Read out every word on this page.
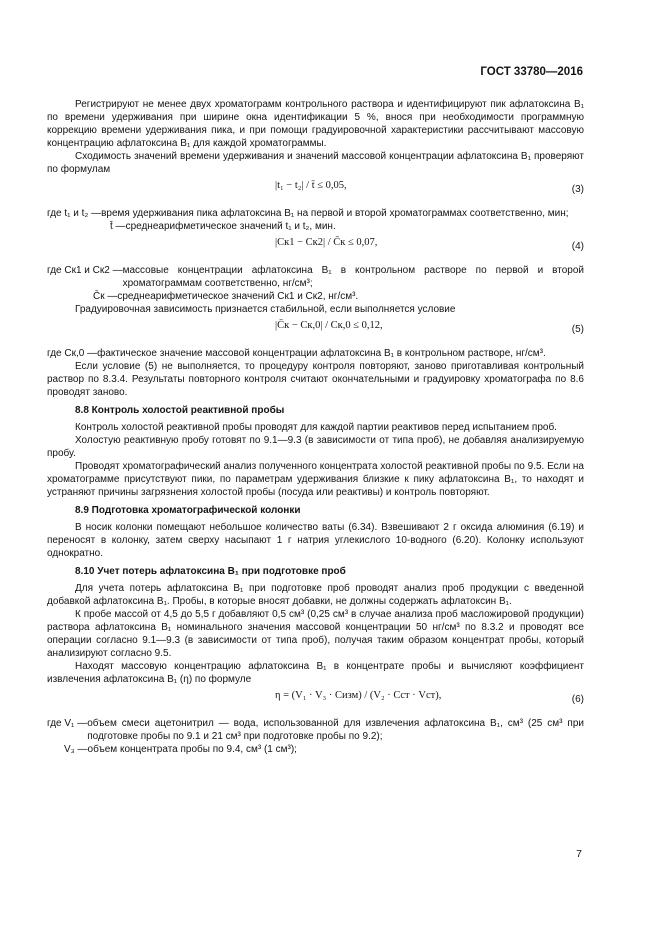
ГОСТ 33780—2016

Регистрируют не менее двух хроматограмм контрольного раствора и идентифицируют пик афлатоксина B₁ по времени удерживания при ширине окна идентификации 5 %, внося при необходимости программную коррекцию времени удерживания пика, и при помощи градуировочной характеристики рассчитывают массовую концентрацию афлатоксина B₁ для каждой хроматограммы.

Сходимость значений времени удерживания и значений массовой концентрации афлатоксина B₁ проверяют по формулам

|t₁ − t₂| / t̄ ≤ 0,05,	(3)
где t₁ и t₂ — время удерживания пика афлатоксина B₁ на первой и второй хроматограммах соответственно, мин;
t̄ — среднеарифметическое значений t₁ и t₂, мин.
|Cк1 − Cк2| / C̄к ≤ 0,07,	(4)
где Cк1 и Cк2 — массовые концентрации афлатоксина B₁ в контрольном растворе по первой и второй хроматограммам соответственно, нг/см³;
C̄к — среднеарифметическое значений Cк1 и Cк2, нг/см³.

Градуировочная зависимость признается стабильной, если выполняется условие

|C̄к − Cк,0| / Cк,0 ≤ 0,12,	(5)
где Cк,0 — фактическое значение массовой концентрации афлатоксина B₁ в контрольном растворе, нг/см³.

Если условие (5) не выполняется, то процедуру контроля повторяют, заново приготавливая контрольный раствор по 8.3.4. Результаты повторного контроля считают окончательными и градуировку хроматографа по 8.6 проводят заново.

8.8 Контроль холостой реактивной пробы

Контроль холостой реактивной пробы проводят для каждой партии реактивов перед испытанием проб.

Холостую реактивную пробу готовят по 9.1—9.3 (в зависимости от типа проб), не добавляя анализируемую пробу.

Проводят хроматографический анализ полученного концентрата холостой реактивной пробы по 9.5. Если на хроматограмме присутствуют пики, по параметрам удерживания близкие к пику афлатоксина B₁, то находят и устраняют причины загрязнения холостой пробы (посуда или реактивы) и контроль повторяют.

8.9 Подготовка хроматографической колонки

В носик колонки помещают небольшое количество ваты (6.34). Взвешивают 2 г оксида алюминия (6.19) и переносят в колонку, затем сверху насыпают 1 г натрия углекислого 10-водного (6.20). Колонку используют однократно.

8.10 Учет потерь афлатоксина B₁ при подготовке проб

Для учета потерь афлатоксина B₁ при подготовке проб проводят анализ проб продукции с введенной добавкой афлатоксина B₁. Пробы, в которые вносят добавки, не должны содержать афлатоксин B₁.

К пробе массой от 4,5 до 5,5 г добавляют 0,5 см³ (0,25 см³ в случае анализа проб масложировой продукции) раствора афлатоксина B₁ номинального значения массовой концентрации 50 нг/см³ по 8.3.2 и проводят все операции согласно 9.1—9.3 (в зависимости от типа проб), получая таким образом концентрат пробы, который анализируют согласно 9.5.

Находят массовую концентрацию афлатоксина B₁ в концентрате пробы и вычисляют коэффициент извлечения афлатоксина B₁ (η) по формуле

η = (V₁ · V₃ · Cизм) / (V₂ · Cст · Vст),	(6)
где V₁ — объем смеси ацетонитрил — вода, использованной для извлечения афлатоксина B₁, см³ (25 см³ при подготовке пробы по 9.1 и 21 см³ при подготовке пробы по 9.2);
V₃ — объем концентрата пробы по 9.4, см³ (1 см³);
7
